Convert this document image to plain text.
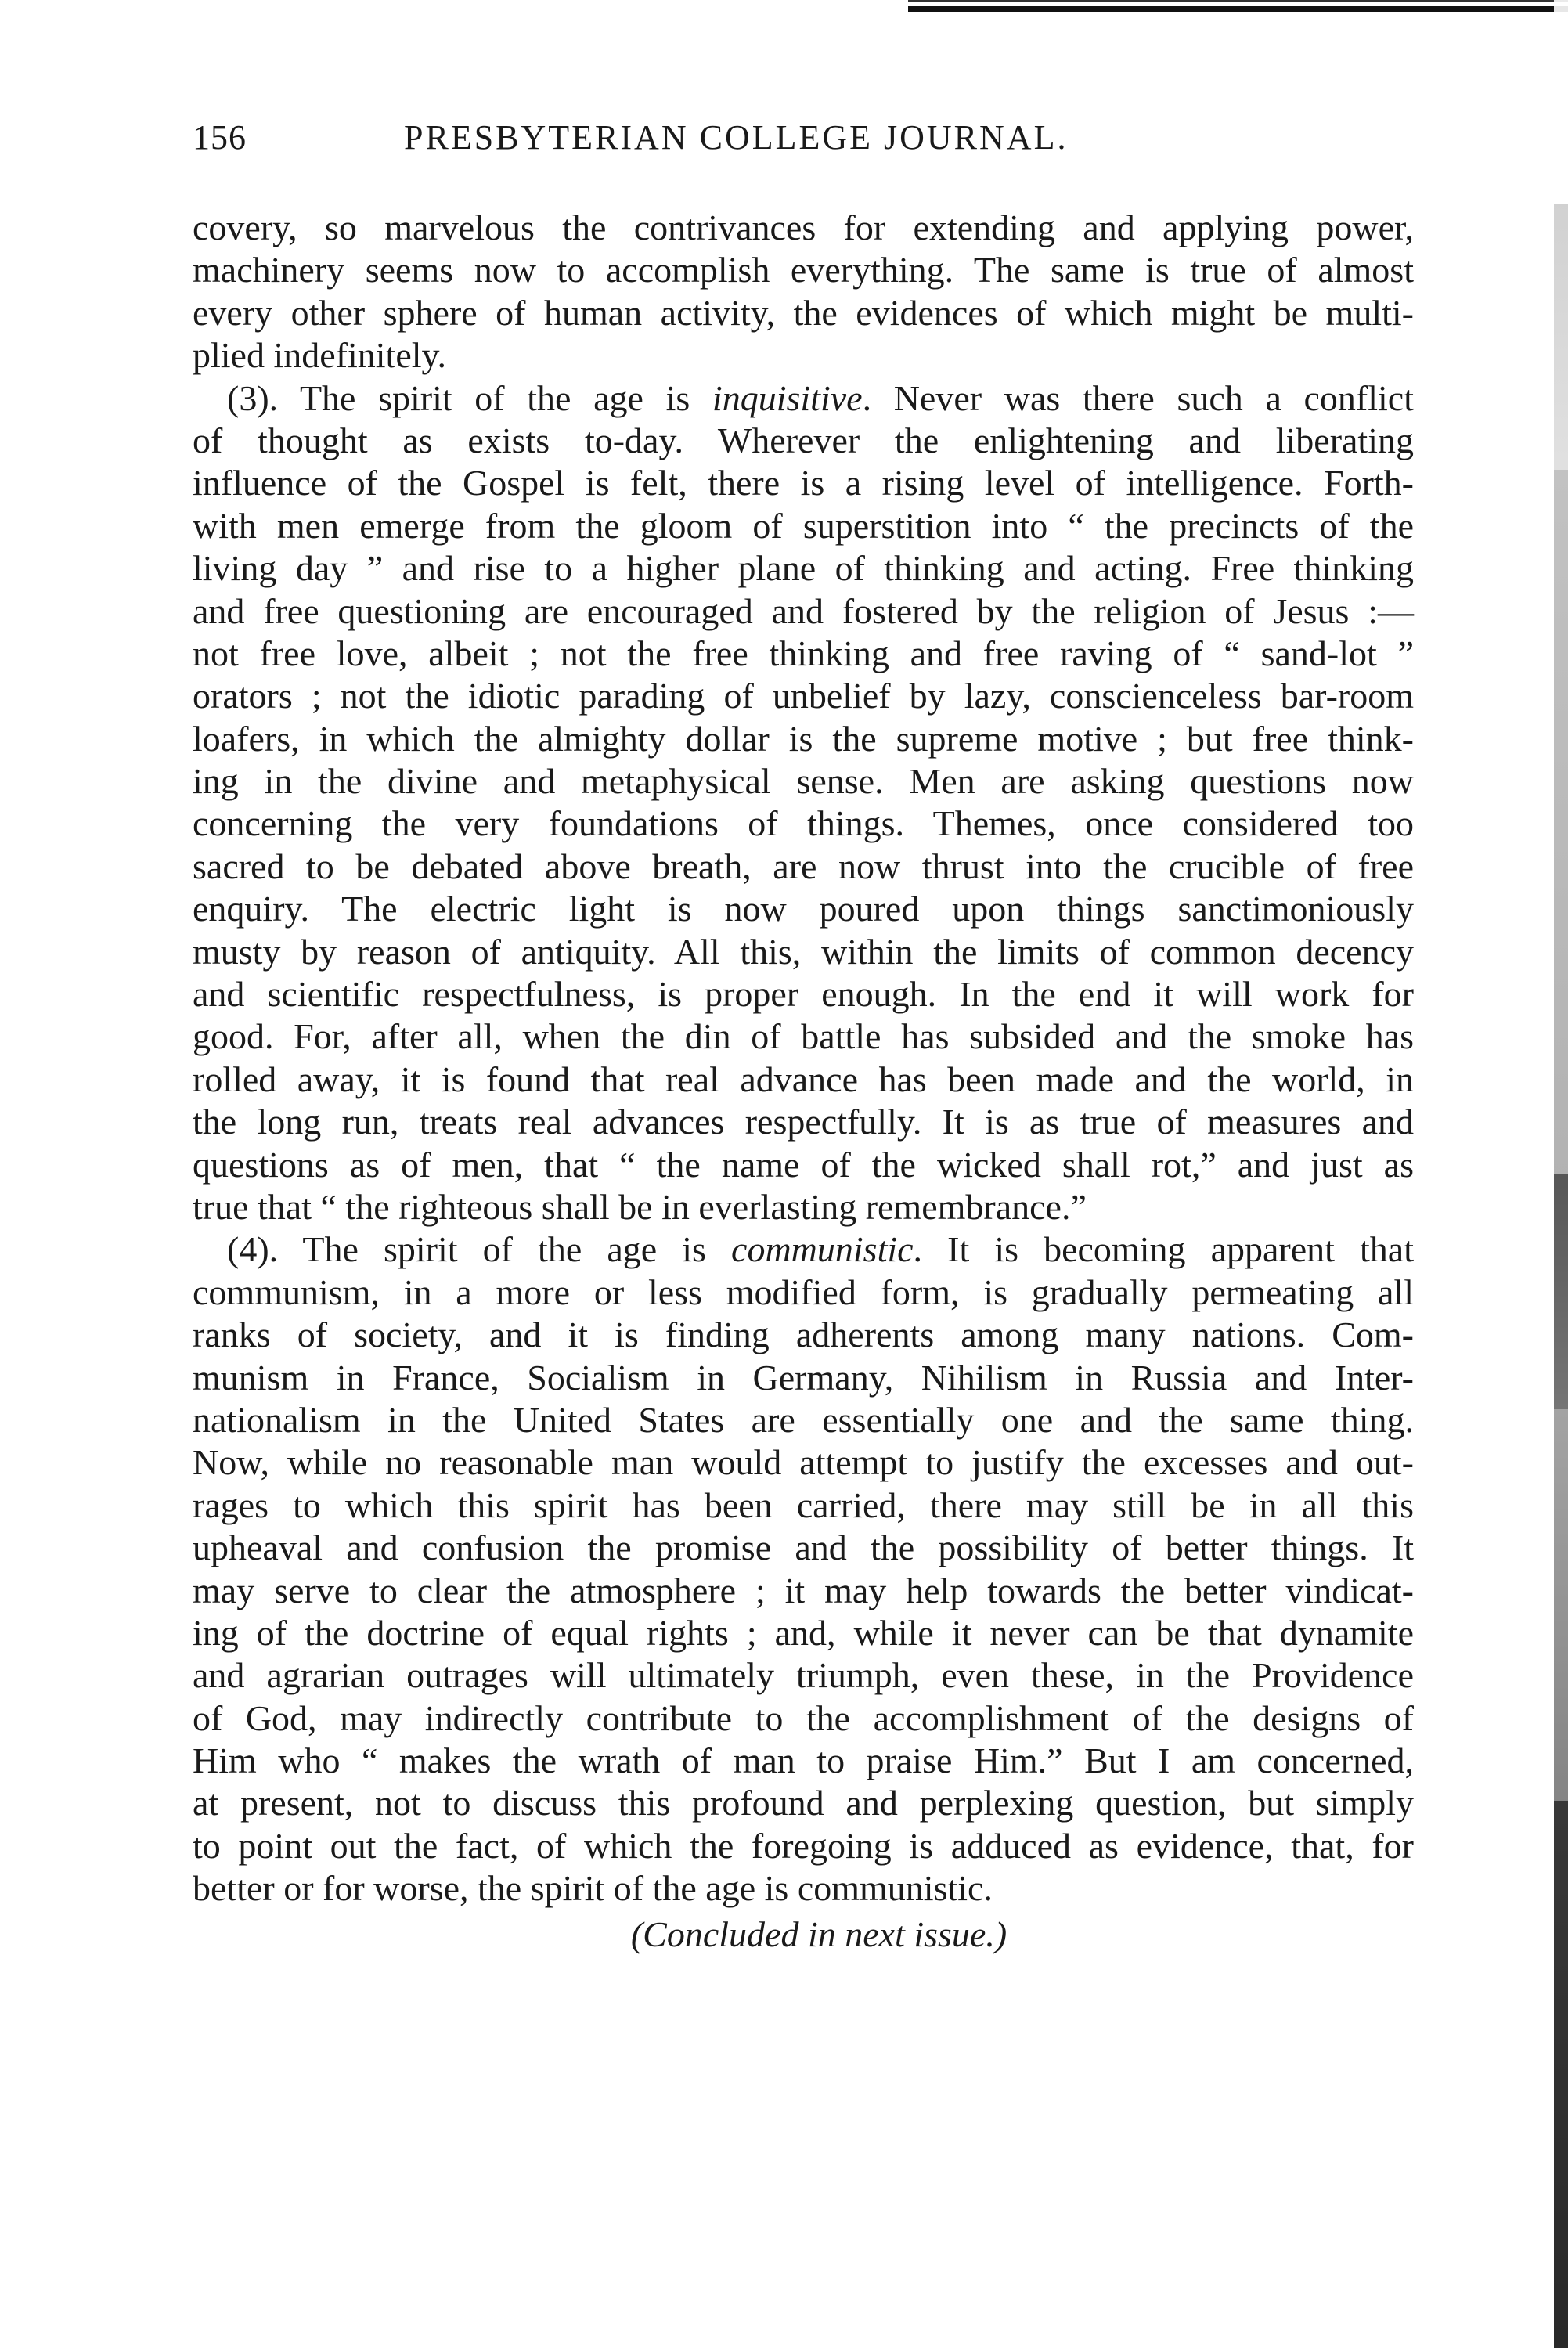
156	PRESBYTERIAN COLLEGE JOURNAL.
covery, so marvelous the contrivances for extending and applying power,
machinery seems now to accomplish everything. The same is true of almost
every other sphere of human activity, the evidences of which might be multi-
plied indefinitely.
(3). The spirit of the age is inquisitive. Never was there such a conflict
of thought as exists to-day. Wherever the enlightening and liberating
influence of the Gospel is felt, there is a rising level of intelligence. Forth-
with men emerge from the gloom of superstition into “ the precincts of the
living day ” and rise to a higher plane of thinking and acting. Free thinking
and free questioning are encouraged and fostered by the religion of Jesus :—
not free love, albeit ; not the free thinking and free raving of “ sand-lot ”
orators ; not the idiotic parading of unbelief by lazy, conscienceless bar-room
loafers, in which the almighty dollar is the supreme motive ; but free think-
ing in the divine and metaphysical sense. Men are asking questions now
concerning the very foundations of things. Themes, once considered too
sacred to be debated above breath, are now thrust into the crucible of free
enquiry. The electric light is now poured upon things sanctimoniously
musty by reason of antiquity. All this, within the limits of common decency
and scientific respectfulness, is proper enough. In the end it will work for
good. For, after all, when the din of battle has subsided and the smoke has
rolled away, it is found that real advance has been made and the world, in
the long run, treats real advances respectfully. It is as true of measures and
questions as of men, that “ the name of the wicked shall rot,” and just as
true that “ the righteous shall be in everlasting remembrance.”
(4). The spirit of the age is communistic. It is becoming apparent that
communism, in a more or less modified form, is gradually permeating all
ranks of society, and it is finding adherents among many nations. Com-
munism in France, Socialism in Germany, Nihilism in Russia and Inter-
nationalism in the United States are essentially one and the same thing.
Now, while no reasonable man would attempt to justify the excesses and out-
rages to which this spirit has been carried, there may still be in all this
upheaval and confusion the promise and the possibility of better things. It
may serve to clear the atmosphere ; it may help towards the better vindicat-
ing of the doctrine of equal rights ; and, while it never can be that dynamite
and agrarian outrages will ultimately triumph, even these, in the Providence
of God, may indirectly contribute to the accomplishment of the designs of
Him who “ makes the wrath of man to praise Him.” But I am concerned,
at present, not to discuss this profound and perplexing question, but simply
to point out the fact, of which the foregoing is adduced as evidence, that, for
better or for worse, the spirit of the age is communistic.
(Concluded in next issue.)
